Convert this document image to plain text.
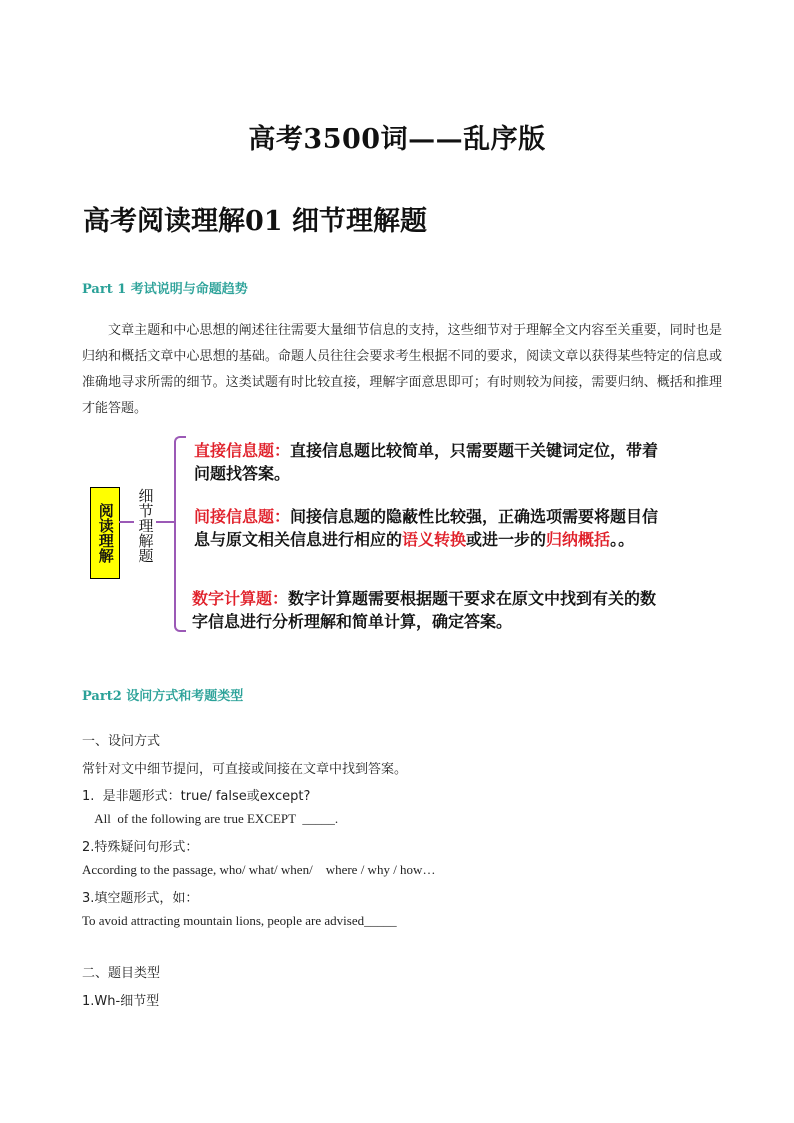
高考3500词——乱序版
高考阅读理解01 细节理解题
Part 1 考试说明与命题趋势
文章主题和中心思想的阐述往往需要大量细节信息的支持，这些细节对于理解全文内容至关重要，同时也是归纳和概括文章中心思想的基础。命题人员往往会要求考生根据不同的要求，阅读文章以获得某些特定的信息或准确地寻求所需的细节。这类试题有时比较直接，理解字面意思即可；有时则较为间接，需要归纳、概括和推理才能答题。
阅读理解	细节理解题
直接信息题：直接信息题比较简单，只需要题干关键词定位，带着问题找答案。
间接信息题：间接信息题的隐蔽性比较强，正确选项需要将题目信息与原文相关信息进行相应的语义转换或进一步的归纳概括。。
数字计算题：数字计算题需要根据题干要求在原文中找到有关的数字信息进行分析理解和简单计算，确定答案。
Part2 设问方式和考题类型
一、设问方式
常针对文中细节提问，可直接或间接在文章中找到答案。
1.  是非题形式：true/ false或except?
All  of the following are true EXCEPT  _____.
2.特殊疑问句形式：
According to the passage, who/ what/ when/    where / why / how…
3.填空题形式，如：
To avoid attracting mountain lions, people are advised_____
二、题目类型
1.Wh-细节型
